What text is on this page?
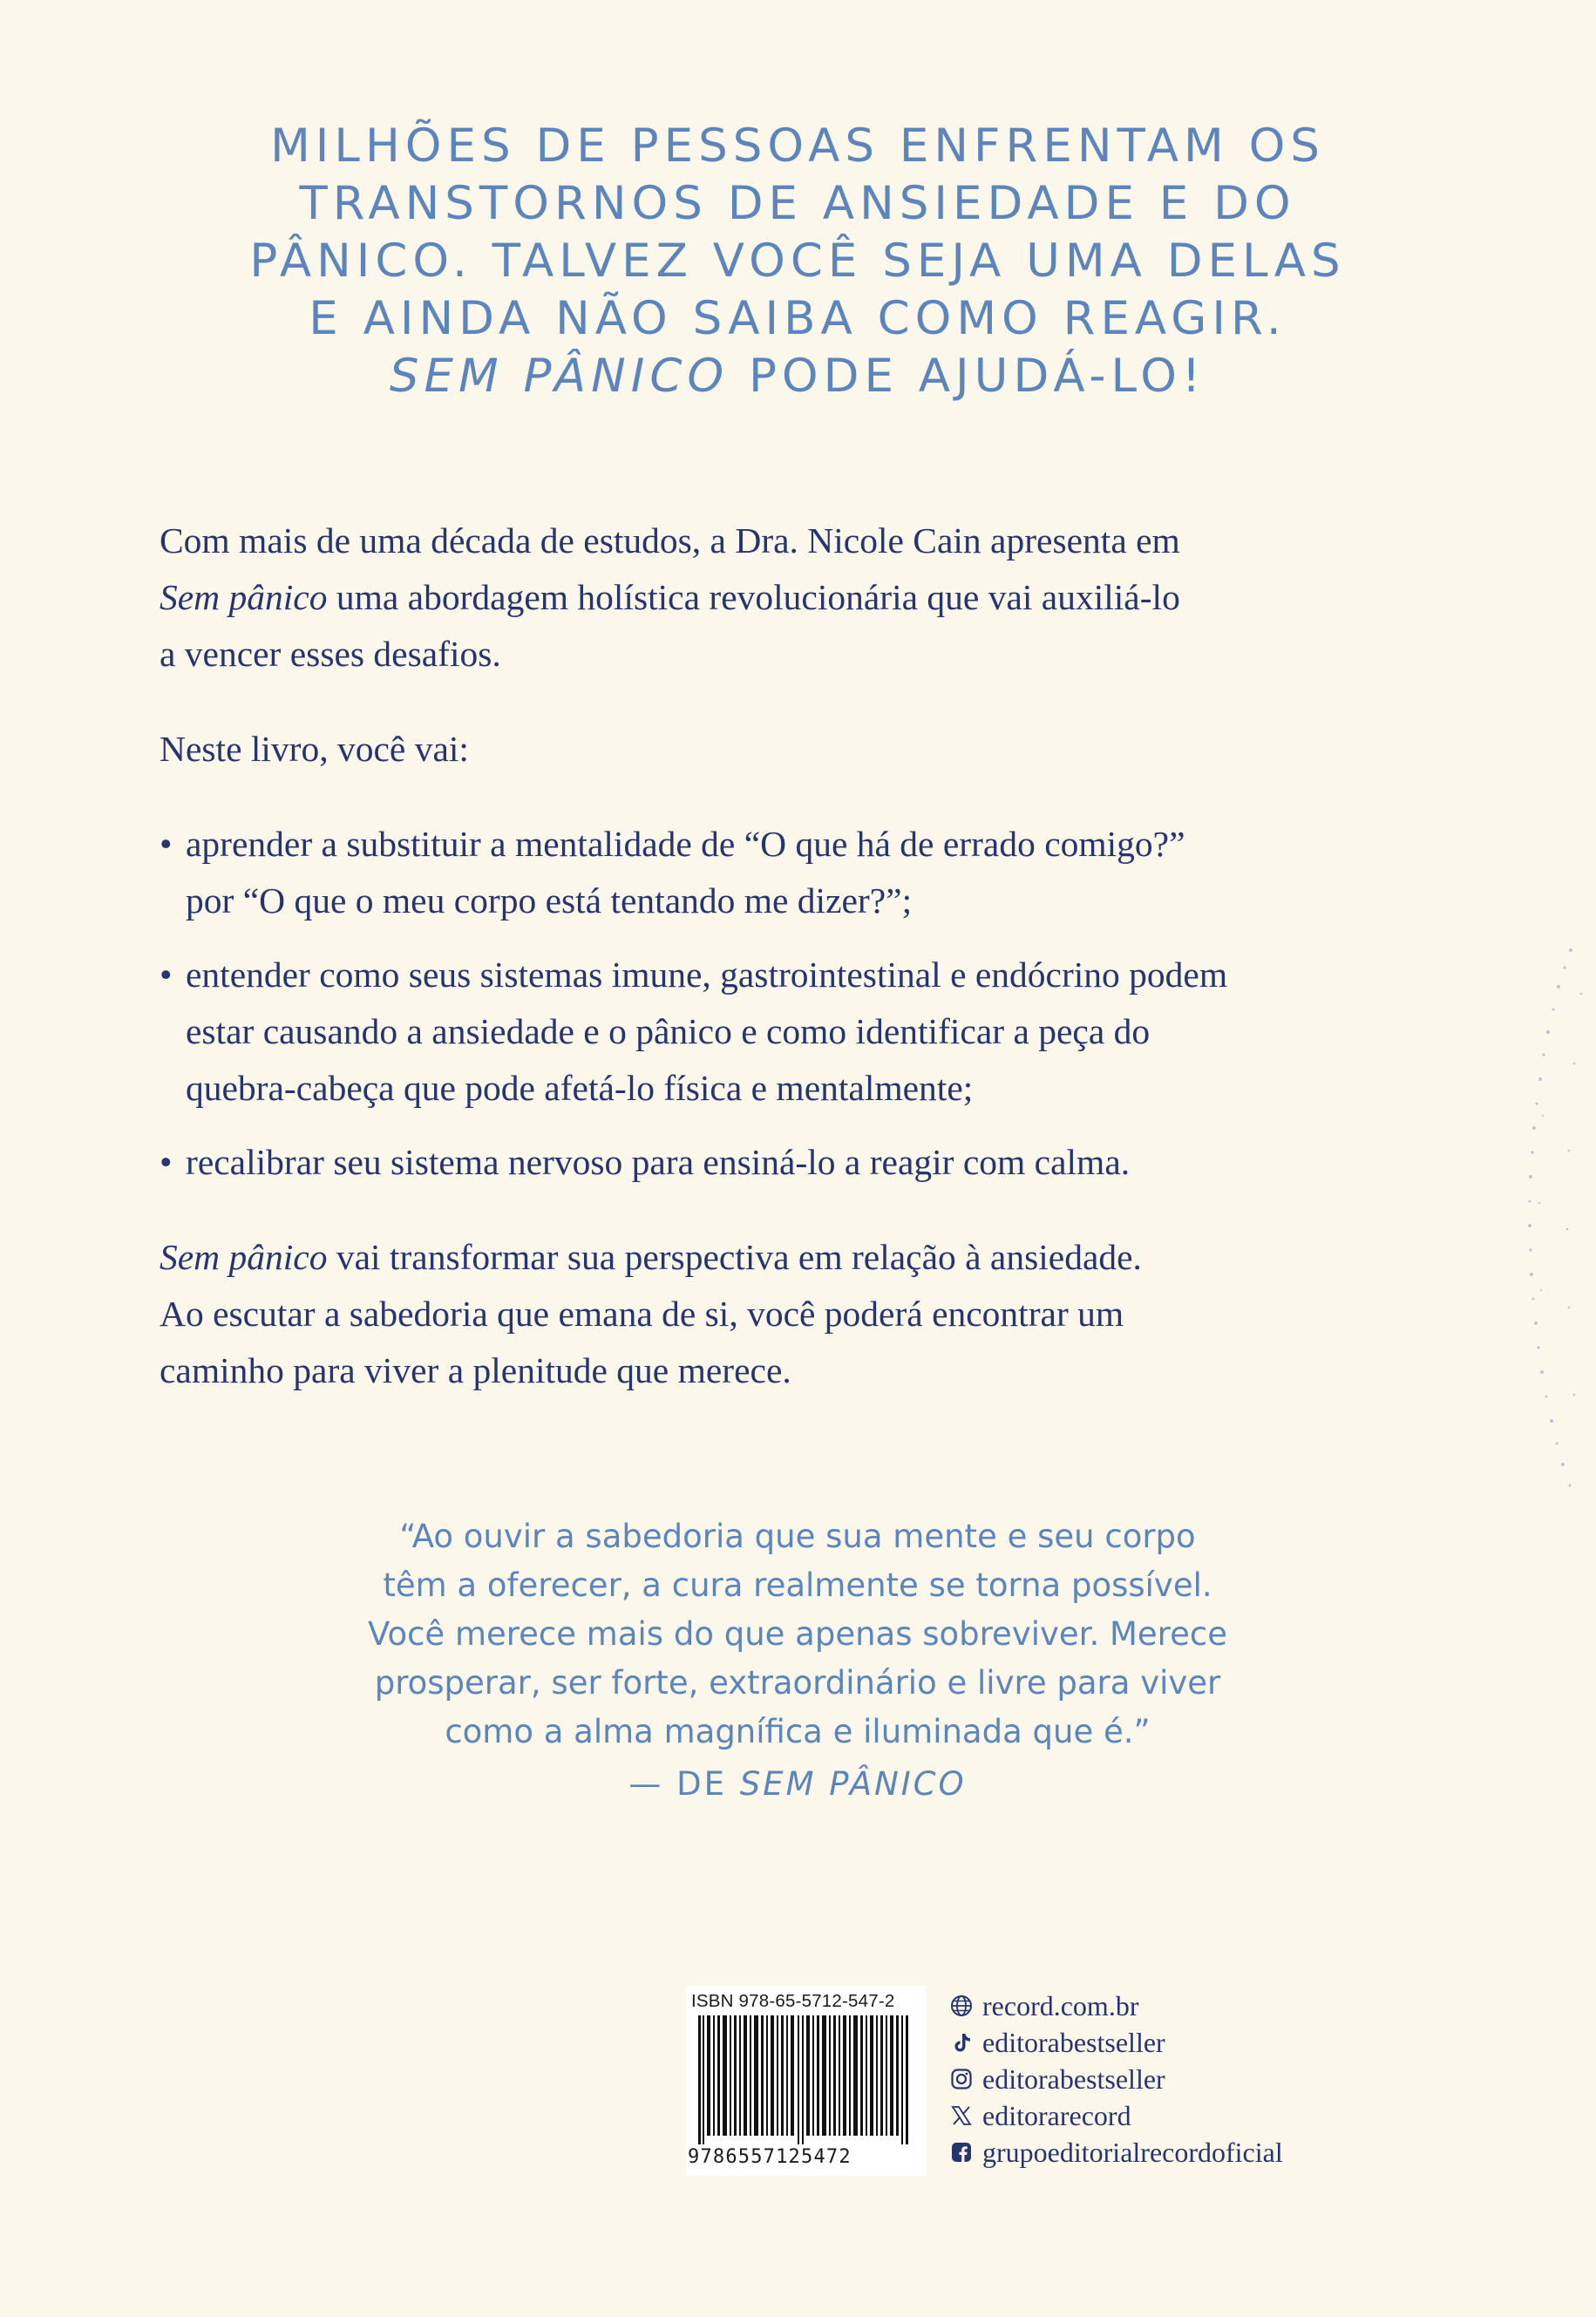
MILHÕES DE PESSOAS ENFRENTAM OS
TRANSTORNOS DE ANSIEDADE E DO
PÂNICO. TALVEZ VOCÊ SEJA UMA DELAS
E AINDA NÃO SAIBA COMO REAGIR.
SEM PÂNICO PODE AJUDÁ-LO!

Com mais de uma década de estudos, a Dra. Nicole Cain apresenta em
Sem pânico uma abordagem holística revolucionária que vai auxiliá-lo
a vencer esses desafios.

Neste livro, você vai:

• aprender a substituir a mentalidade de “O que há de errado comigo?”
por “O que o meu corpo está tentando me dizer?”;
• entender como seus sistemas imune, gastrointestinal e endócrino podem
estar causando a ansiedade e o pânico e como identificar a peça do
quebra-cabeça que pode afetá-lo física e mentalmente;
• recalibrar seu sistema nervoso para ensiná-lo a reagir com calma.

Sem pânico vai transformar sua perspectiva em relação à ansiedade.
Ao escutar a sabedoria que emana de si, você poderá encontrar um
caminho para viver a plenitude que merece.

“Ao ouvir a sabedoria que sua mente e seu corpo
têm a oferecer, a cura realmente se torna possível.
Você merece mais do que apenas sobreviver. Merece
prosperar, ser forte, extraordinário e livre para viver
como a alma magnífica e iluminada que é.”
— DE SEM PÂNICO
ISBN 978-65-5712-547-2
9786557125472
record.com.br
editorabestseller
editorabestseller
editorarecord
grupoeditorialrecordoficial
